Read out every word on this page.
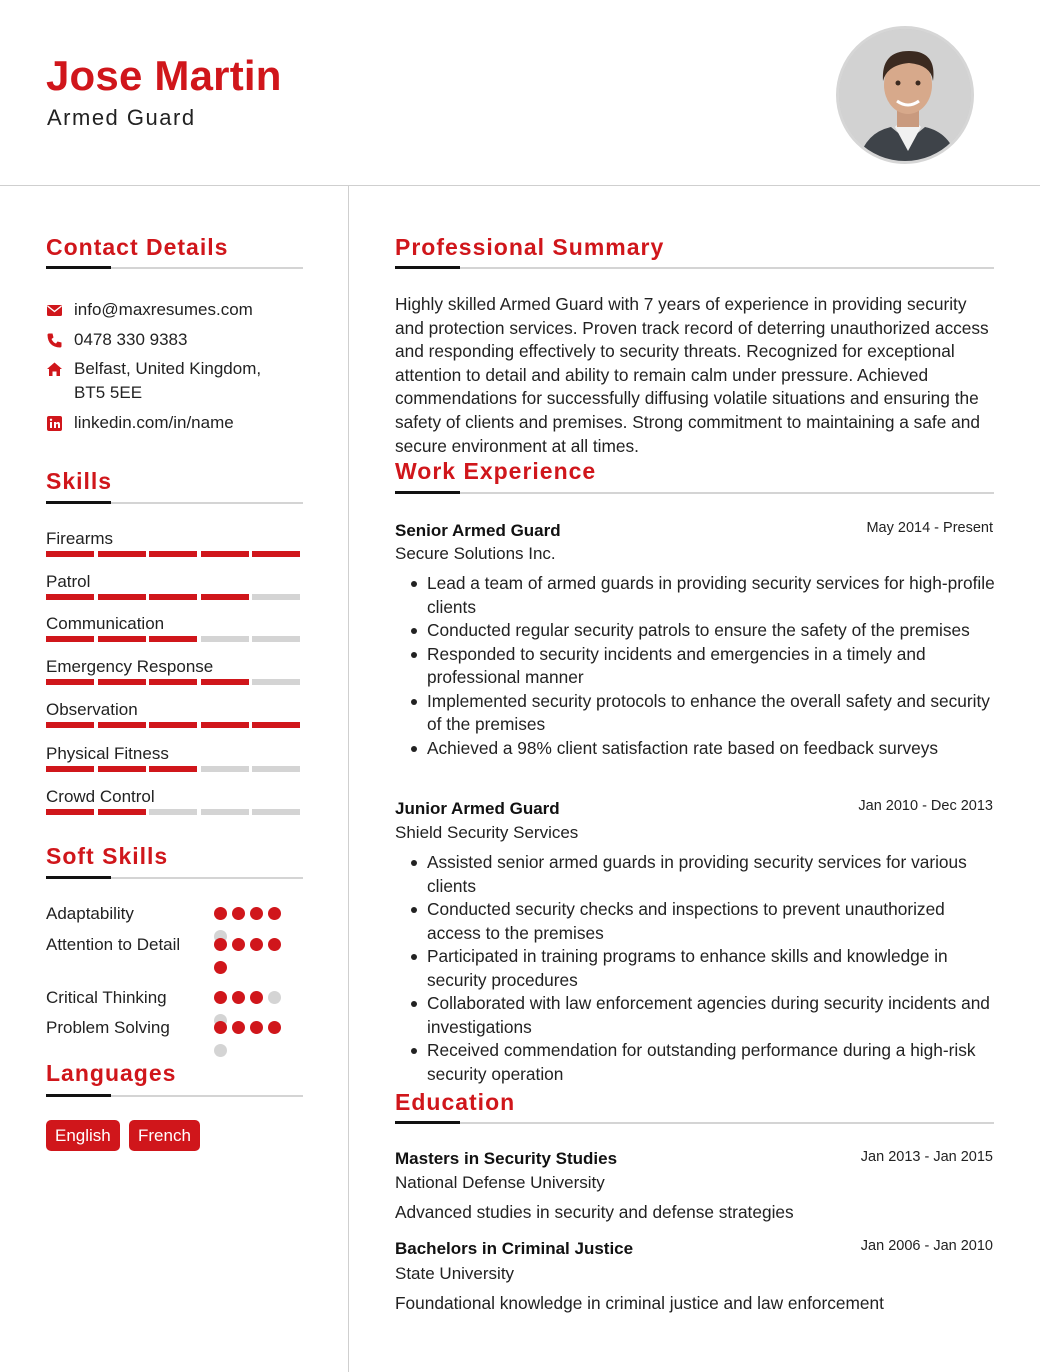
Jose Martin
Armed Guard
Contact Details
info@maxresumes.com
0478 330 9383
Belfast, United Kingdom,
BT5 5EE
linkedin.com/in/name
Skills
Firearms
Patrol
Communication
Emergency Response
Observation
Physical Fitness
Crowd Control
Soft Skills
Adaptability
Attention to Detail
Critical Thinking
Problem Solving
Languages
English	French
Professional Summary
Highly skilled Armed Guard with 7 years of experience in providing security and protection services. Proven track record of deterring unauthorized access and responding effectively to security threats. Recognized for exceptional attention to detail and ability to remain calm under pressure. Achieved commendations for successfully diffusing volatile situations and ensuring the safety of clients and premises. Strong commitment to maintaining a safe and secure environment at all times.
Work Experience
Senior Armed Guard	May 2014 - Present
Secure Solutions Inc.
Lead a team of armed guards in providing security services for high-profile clients
Conducted regular security patrols to ensure the safety of the premises
Responded to security incidents and emergencies in a timely and professional manner
Implemented security protocols to enhance the overall safety and security of the premises
Achieved a 98% client satisfaction rate based on feedback surveys
Junior Armed Guard	Jan 2010 - Dec 2013
Shield Security Services
Assisted senior armed guards in providing security services for various clients
Conducted security checks and inspections to prevent unauthorized access to the premises
Participated in training programs to enhance skills and knowledge in security procedures
Collaborated with law enforcement agencies during security incidents and investigations
Received commendation for outstanding performance during a high-risk security operation
Education
Masters in Security Studies	Jan 2013 - Jan 2015
National Defense University
Advanced studies in security and defense strategies
Bachelors in Criminal Justice	Jan 2006 - Jan 2010
State University
Foundational knowledge in criminal justice and law enforcement
